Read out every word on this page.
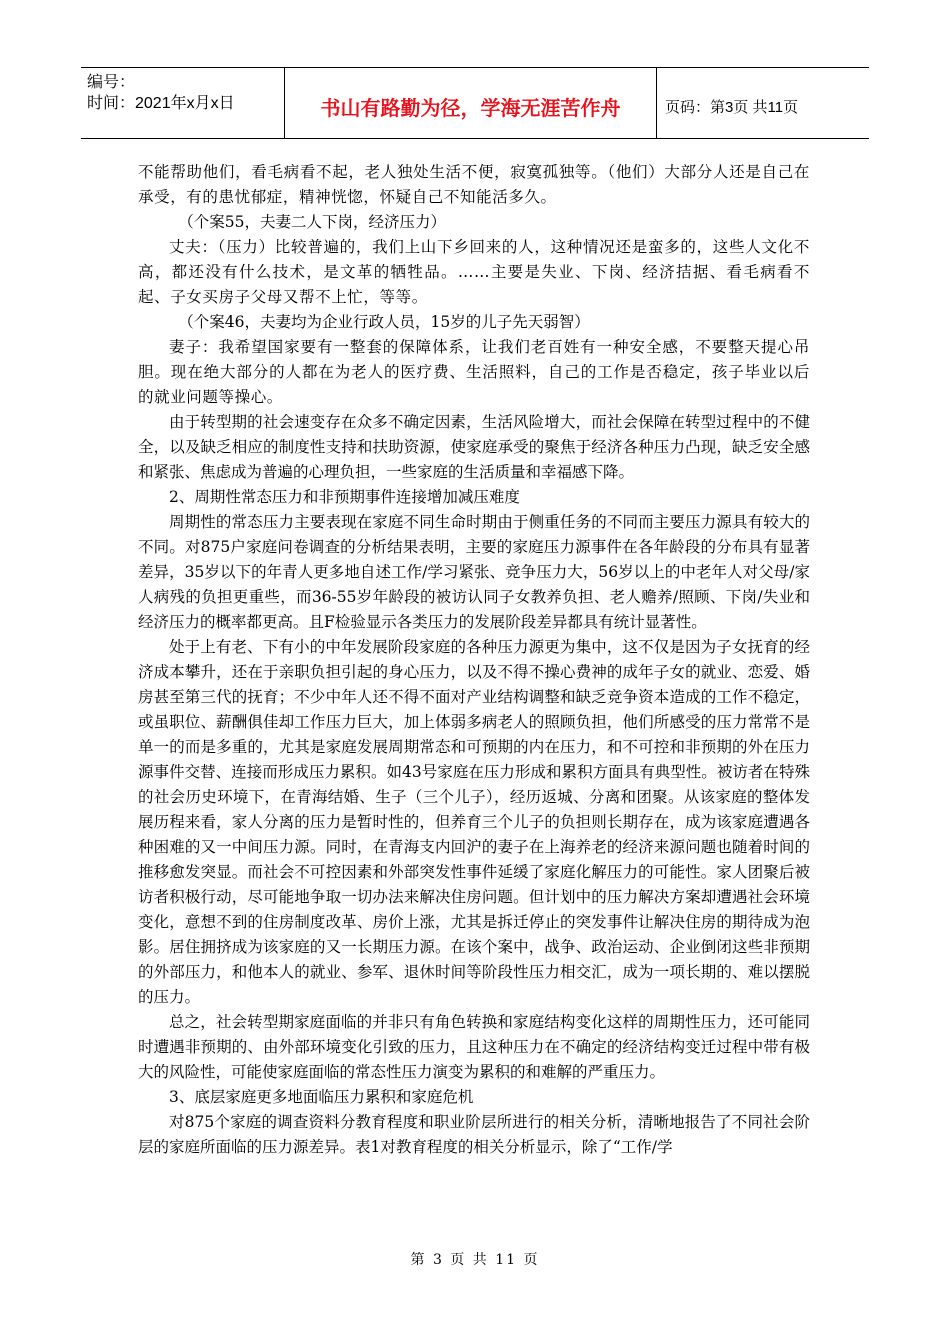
编号：
时间：2021年x月x日	书山有路勤为径，学海无涯苦作舟	页码：第3页 共11页

不能帮助他们，看毛病看不起，老人独处生活不便，寂寞孤独等。（他们）大部分人还是自己在承受，有的患忧郁症，精神恍惚，怀疑自己不知能活多久。

（个案55，夫妻二人下岗，经济压力）

丈夫：（压力）比较普遍的，我们上山下乡回来的人，这种情况还是蛮多的，这些人文化不高，都还没有什么技术，是文革的牺牲品。……主要是失业、下岗、经济拮据、看毛病看不起、子女买房子父母又帮不上忙，等等。

（个案46，夫妻均为企业行政人员，15岁的儿子先天弱智）

妻子：我希望国家要有一整套的保障体系，让我们老百姓有一种安全感，不要整天提心吊胆。现在绝大部分的人都在为老人的医疗费、生活照料，自己的工作是否稳定，孩子毕业以后的就业问题等操心。

由于转型期的社会速变存在众多不确定因素，生活风险增大，而社会保障在转型过程中的不健全，以及缺乏相应的制度性支持和扶助资源，使家庭承受的聚焦于经济各种压力凸现，缺乏安全感和紧张、焦虑成为普遍的心理负担，一些家庭的生活质量和幸福感下降。

2、周期性常态压力和非预期事件连接增加减压难度

周期性的常态压力主要表现在家庭不同生命时期由于侧重任务的不同而主要压力源具有较大的不同。对875户家庭问卷调查的分析结果表明，主要的家庭压力源事件在各年龄段的分布具有显著差异，35岁以下的年青人更多地自述工作/学习紧张、竞争压力大，56岁以上的中老年人对父母/家人病残的负担更重些，而36-55岁年龄段的被访认同子女教养负担、老人赡养/照顾、下岗/失业和经济压力的概率都更高。且F检验显示各类压力的发展阶段差异都具有统计显著性。

处于上有老、下有小的中年发展阶段家庭的各种压力源更为集中，这不仅是因为子女抚育的经济成本攀升，还在于亲职负担引起的身心压力，以及不得不操心费神的成年子女的就业、恋爱、婚房甚至第三代的抚育；不少中年人还不得不面对产业结构调整和缺乏竞争资本造成的工作不稳定，或虽职位、薪酬俱佳却工作压力巨大，加上体弱多病老人的照顾负担，他们所感受的压力常常不是单一的而是多重的，尤其是家庭发展周期常态和可预期的内在压力，和不可控和非预期的外在压力源事件交替、连接而形成压力累积。如43号家庭在压力形成和累积方面具有典型性。被访者在特殊的社会历史环境下，在青海结婚、生子（三个儿子），经历返城、分离和团聚。从该家庭的整体发展历程来看，家人分离的压力是暂时性的，但养育三个儿子的负担则长期存在，成为该家庭遭遇各种困难的又一中间压力源。同时，在青海支内回沪的妻子在上海养老的经济来源问题也随着时间的推移愈发突显。而社会不可控因素和外部突发性事件延缓了家庭化解压力的可能性。家人团聚后被访者积极行动，尽可能地争取一切办法来解决住房问题。但计划中的压力解决方案却遭遇社会环境变化，意想不到的住房制度改革、房价上涨，尤其是拆迁停止的突发事件让解决住房的期待成为泡影。居住拥挤成为该家庭的又一长期压力源。在该个案中，战争、政治运动、企业倒闭这些非预期的外部压力，和他本人的就业、参军、退休时间等阶段性压力相交汇，成为一项长期的、难以摆脱的压力。

总之，社会转型期家庭面临的并非只有角色转换和家庭结构变化这样的周期性压力，还可能同时遭遇非预期的、由外部环境变化引致的压力，且这种压力在不确定的经济结构变迁过程中带有极大的风险性，可能使家庭面临的常态性压力演变为累积的和难解的严重压力。

3、底层家庭更多地面临压力累积和家庭危机

对875个家庭的调查资料分教育程度和职业阶层所进行的相关分析，清晰地报告了不同社会阶层的家庭所面临的压力源差异。表1对教育程度的相关分析显示，除了“工作/学

第 3 页 共 11 页
